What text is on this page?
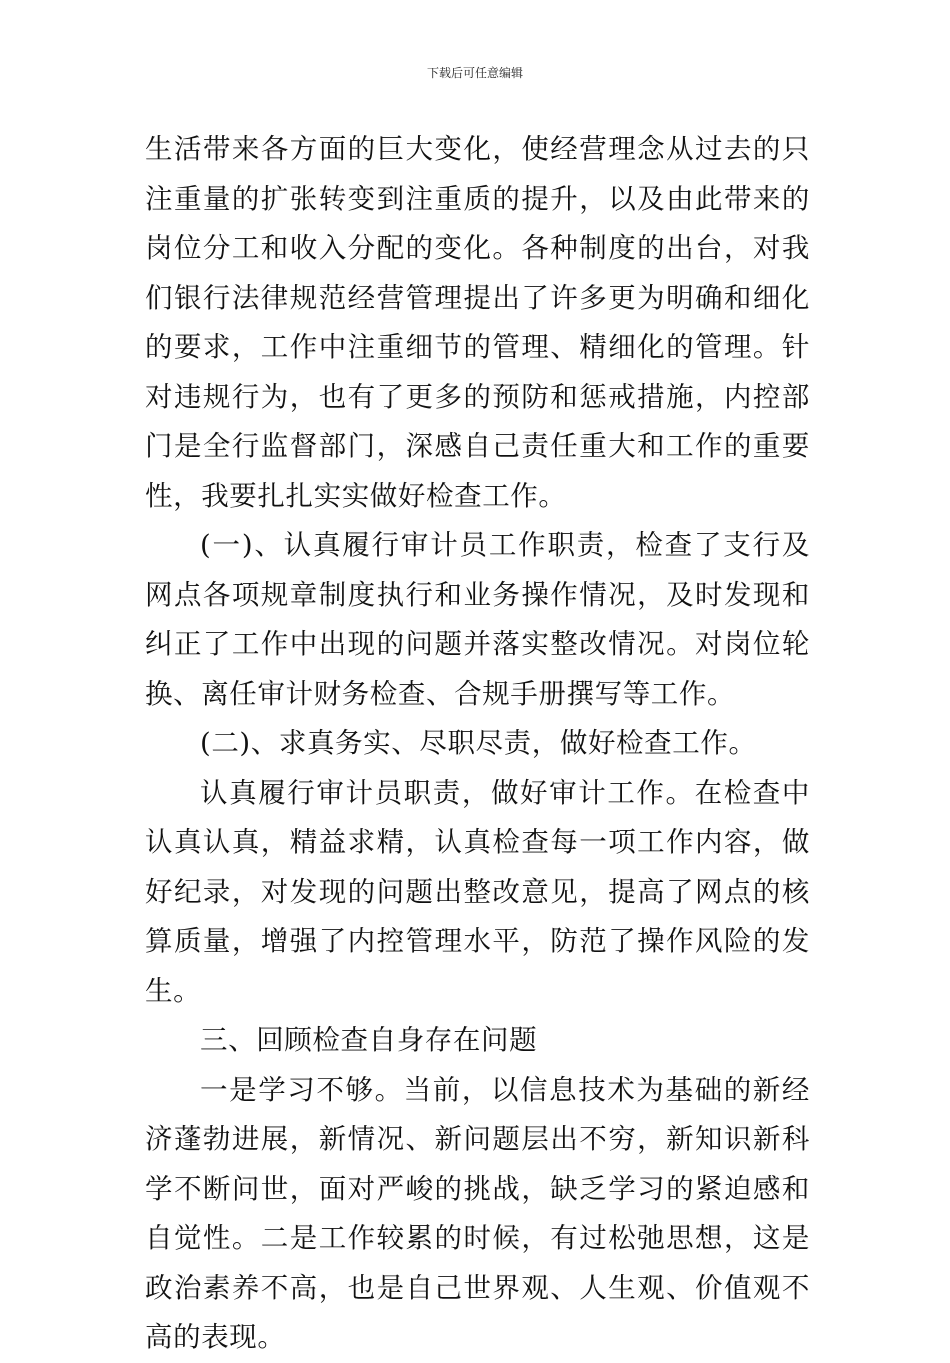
下载后可任意编辑

生活带来各方面的巨大变化，使经营理念从过去的只注重量的扩张转变到注重质的提升，以及由此带来的岗位分工和收入分配的变化。各种制度的出台，对我们银行法律规范经营管理提出了许多更为明确和细化的要求，工作中注重细节的管理、精细化的管理。针对违规行为，也有了更多的预防和惩戒措施，内控部门是全行监督部门，深感自己责任重大和工作的重要性，我要扎扎实实做好检查工作。

(一)、认真履行审计员工作职责，检查了支行及网点各项规章制度执行和业务操作情况，及时发现和纠正了工作中出现的问题并落实整改情况。对岗位轮换、离任审计财务检查、合规手册撰写等工作。

(二)、求真务实、尽职尽责，做好检查工作。

认真履行审计员职责，做好审计工作。在检查中认真认真，精益求精，认真检查每一项工作内容，做好纪录，对发现的问题出整改意见，提高了网点的核算质量，增强了内控管理水平，防范了操作风险的发生。

三、回顾检查自身存在问题

一是学习不够。当前，以信息技术为基础的新经济蓬勃进展，新情况、新问题层出不穷，新知识新科学不断问世，面对严峻的挑战，缺乏学习的紧迫感和自觉性。二是工作较累的时候，有过松弛思想，这是政治素养不高，也是自己世界观、人生观、价值观不高的表现。
